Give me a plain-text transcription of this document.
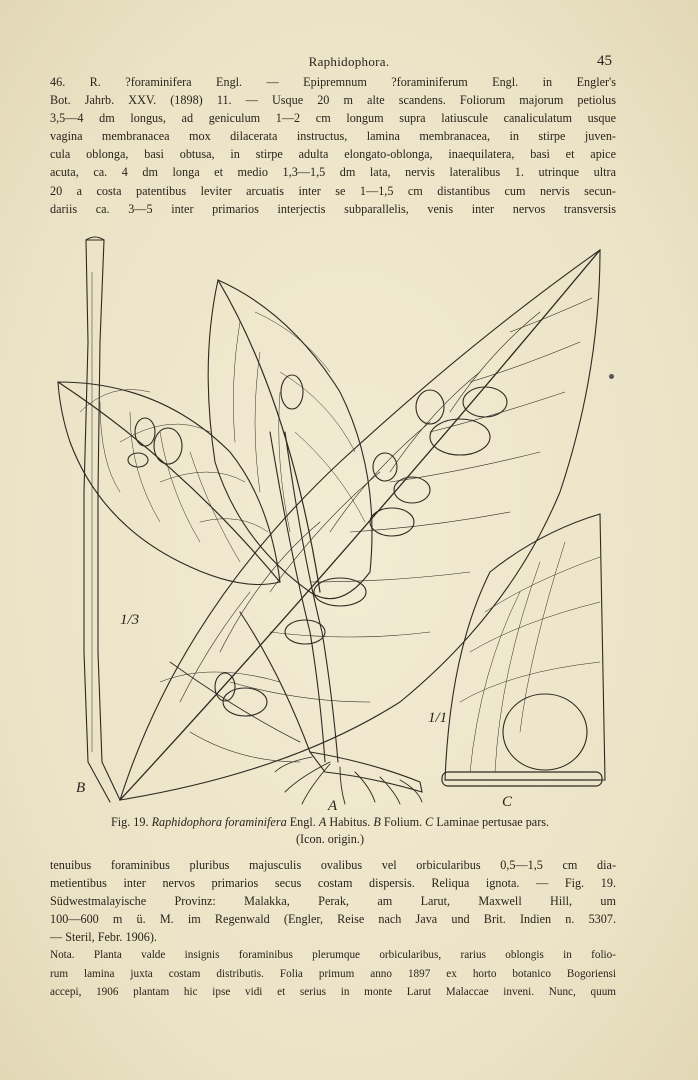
Raphidophora.	45
46. R. ?foraminifera Engl. — Epipremnum ?foraminiferum Engl. in Engler's
Bot. Jahrb. XXV. (1898) 11. — Usque 20 m alte scandens. Foliorum majorum petiolus
3,5—4 dm longus, ad geniculum 1—2 cm longum supra latiuscule canaliculatum usque
vagina membranacea mox dilacerata instructus, lamina membranacea, in stirpe juven-
cula oblonga, basi obtusa, in stirpe adulta elongato-oblonga, inaequilatera, basi et apice
acuta, ca. 4 dm longa et medio 1,3—1,5 dm lata, nervis lateralibus 1. utrinque ultra
20 a costa patentibus leviter arcuatis inter se 1—1,5 cm distantibus cum nervis secun-
dariis ca. 3—5 inter primarios interjectis subparallelis, venis inter nervos transversis
1/3
1/1
B
A	C
Fig. 19. Raphidophora foraminifera Engl. A Habitus. B Folium. C Laminae pertusae pars.
(Icon. origin.)
tenuibus foraminibus pluribus majusculis ovalibus vel orbicularibus 0,5—1,5 cm dia-
metientibus inter nervos primarios secus costam dispersis. Reliqua ignota. — Fig. 19.
Südwestmalayische Provinz: Malakka, Perak, am Larut, Maxwell Hill, um
100—600 m ü. M. im Regenwald (Engler, Reise nach Java und Brit. Indien n. 5307.
— Steril, Febr. 1906).
Nota. Planta valde insignis foraminibus plerumque orbicularibus, rarius oblongis in folio-
rum lamina juxta costam distributis. Folia primum anno 1897 ex horto botanico Bogoriensi
accepi, 1906 plantam hic ipse vidi et serius in monte Larut Malaccae inveni. Nunc, quum
